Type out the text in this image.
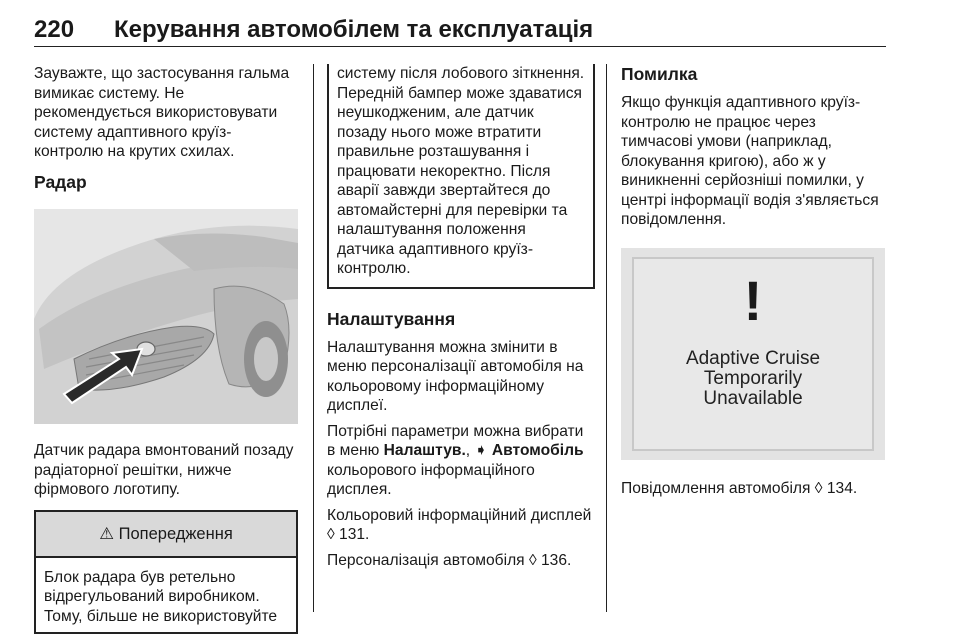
220 Керування автомобілем та експлуатація

Зауважте, що застосування гальма вимикає систему. Не рекомендується використовувати систему адаптивного круїз-контролю на крутих схилах.

Радар

Датчик радара вмонтований позаду радіаторної решітки, нижче фірмового логотипу.

⚠ Попередження
Блок радара був ретельно відрегульований виробником. Тому, більше не використовуйте
систему після лобового зіткнення. Передній бампер може здаватися неушкодженим, але датчик позаду нього може втратити правильне розташування і працювати некоректно. Після аварії завжди звертайтеся до автомайстерні для перевірки та налаштування положення датчика адаптивного круїз-контролю.
Налаштування

Налаштування можна змінити в меню персоналізації автомобіля на кольоровому інформаційному дисплеї.

Потрібні параметри можна вибрати в меню Налаштув., ➧ Автомобіль кольорового інформаційного дисплея.

Кольоровий інформаційний дисплей ◊ 131.

Персоналізація автомобіля ◊ 136.

Помилка

Якщо функція адаптивного круїз-контролю не працює через тимчасові умови (наприклад, блокування кригою), або ж у виникненні серйозніші помилки, у центрі інформації водія з'являється повідомлення.

!
Adaptive Cruise
Temporarily
Unavailable

Повідомлення автомобіля ◊ 134.
